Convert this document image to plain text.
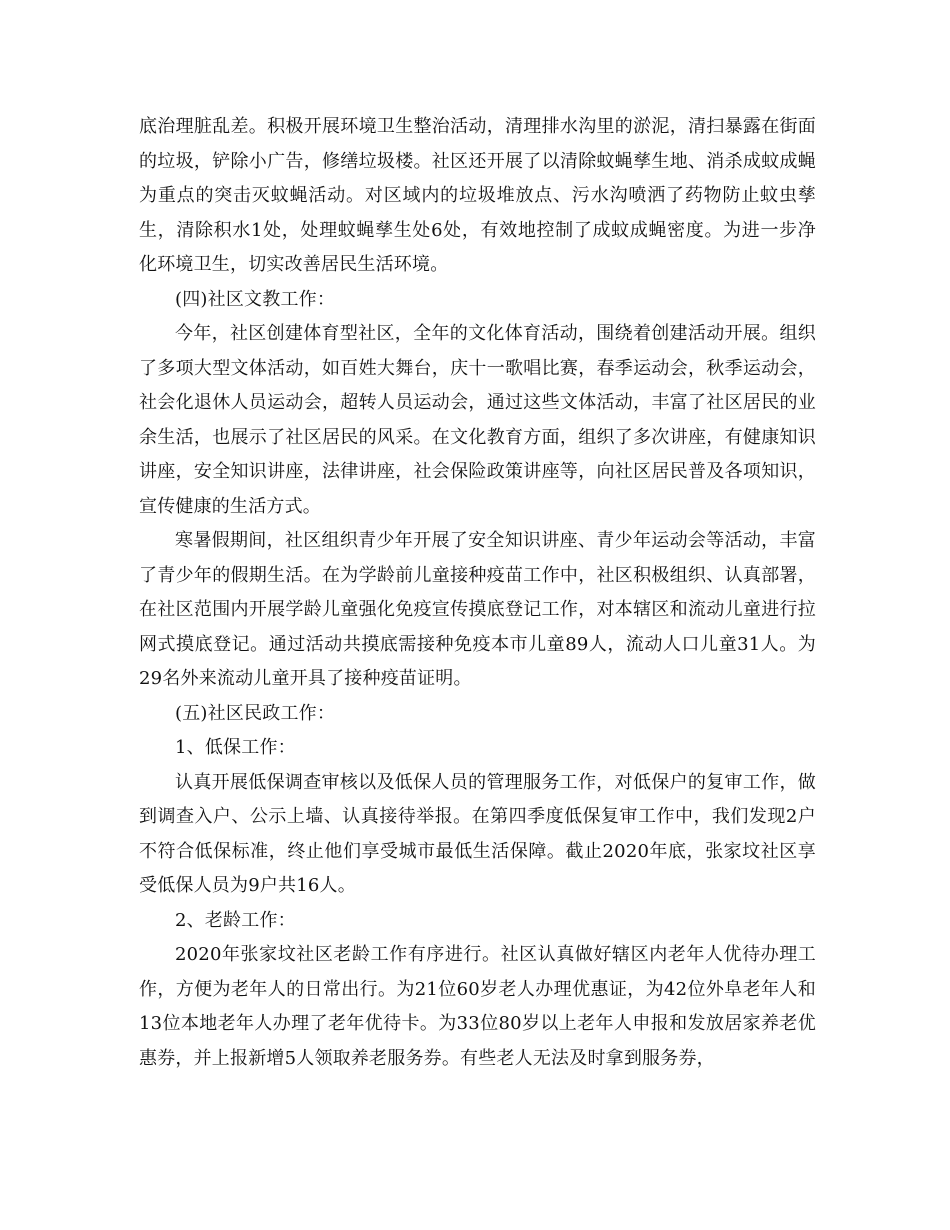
底治理脏乱差。积极开展环境卫生整治活动，清理排水沟里的淤泥，清扫暴露在街面的垃圾，铲除小广告，修缮垃圾楼。社区还开展了以清除蚊蝇孳生地、消杀成蚊成蝇为重点的突击灭蚊蝇活动。对区域内的垃圾堆放点、污水沟喷洒了药物防止蚊虫孳生，清除积水1处，处理蚊蝇孳生处6处，有效地控制了成蚊成蝇密度。为进一步净化环境卫生，切实改善居民生活环境。

(四)社区文教工作：

今年，社区创建体育型社区，全年的文化体育活动，围绕着创建活动开展。组织了多项大型文体活动，如百姓大舞台，庆十一歌唱比赛，春季运动会，秋季运动会，社会化退休人员运动会，超转人员运动会，通过这些文体活动，丰富了社区居民的业余生活，也展示了社区居民的风采。在文化教育方面，组织了多次讲座，有健康知识讲座，安全知识讲座，法律讲座，社会保险政策讲座等，向社区居民普及各项知识，宣传健康的生活方式。

寒暑假期间，社区组织青少年开展了安全知识讲座、青少年运动会等活动，丰富了青少年的假期生活。在为学龄前儿童接种疫苗工作中，社区积极组织、认真部署，在社区范围内开展学龄儿童强化免疫宣传摸底登记工作，对本辖区和流动儿童进行拉网式摸底登记。通过活动共摸底需接种免疫本市儿童89人，流动人口儿童31人。为29名外来流动儿童开具了接种疫苗证明。

(五)社区民政工作：

1、低保工作：

认真开展低保调查审核以及低保人员的管理服务工作，对低保户的复审工作，做到调查入户、公示上墙、认真接待举报。在第四季度低保复审工作中，我们发现2户不符合低保标准，终止他们享受城市最低生活保障。截止2020年底，张家坟社区享受低保人员为9户共16人。

2、老龄工作：

2020年张家坟社区老龄工作有序进行。社区认真做好辖区内老年人优待办理工作，方便为老年人的日常出行。为21位60岁老人办理优惠证，为42位外阜老年人和13位本地老年人办理了老年优待卡。为33位80岁以上老年人申报和发放居家养老优惠券，并上报新增5人领取养老服务券。有些老人无法及时拿到服务券，
